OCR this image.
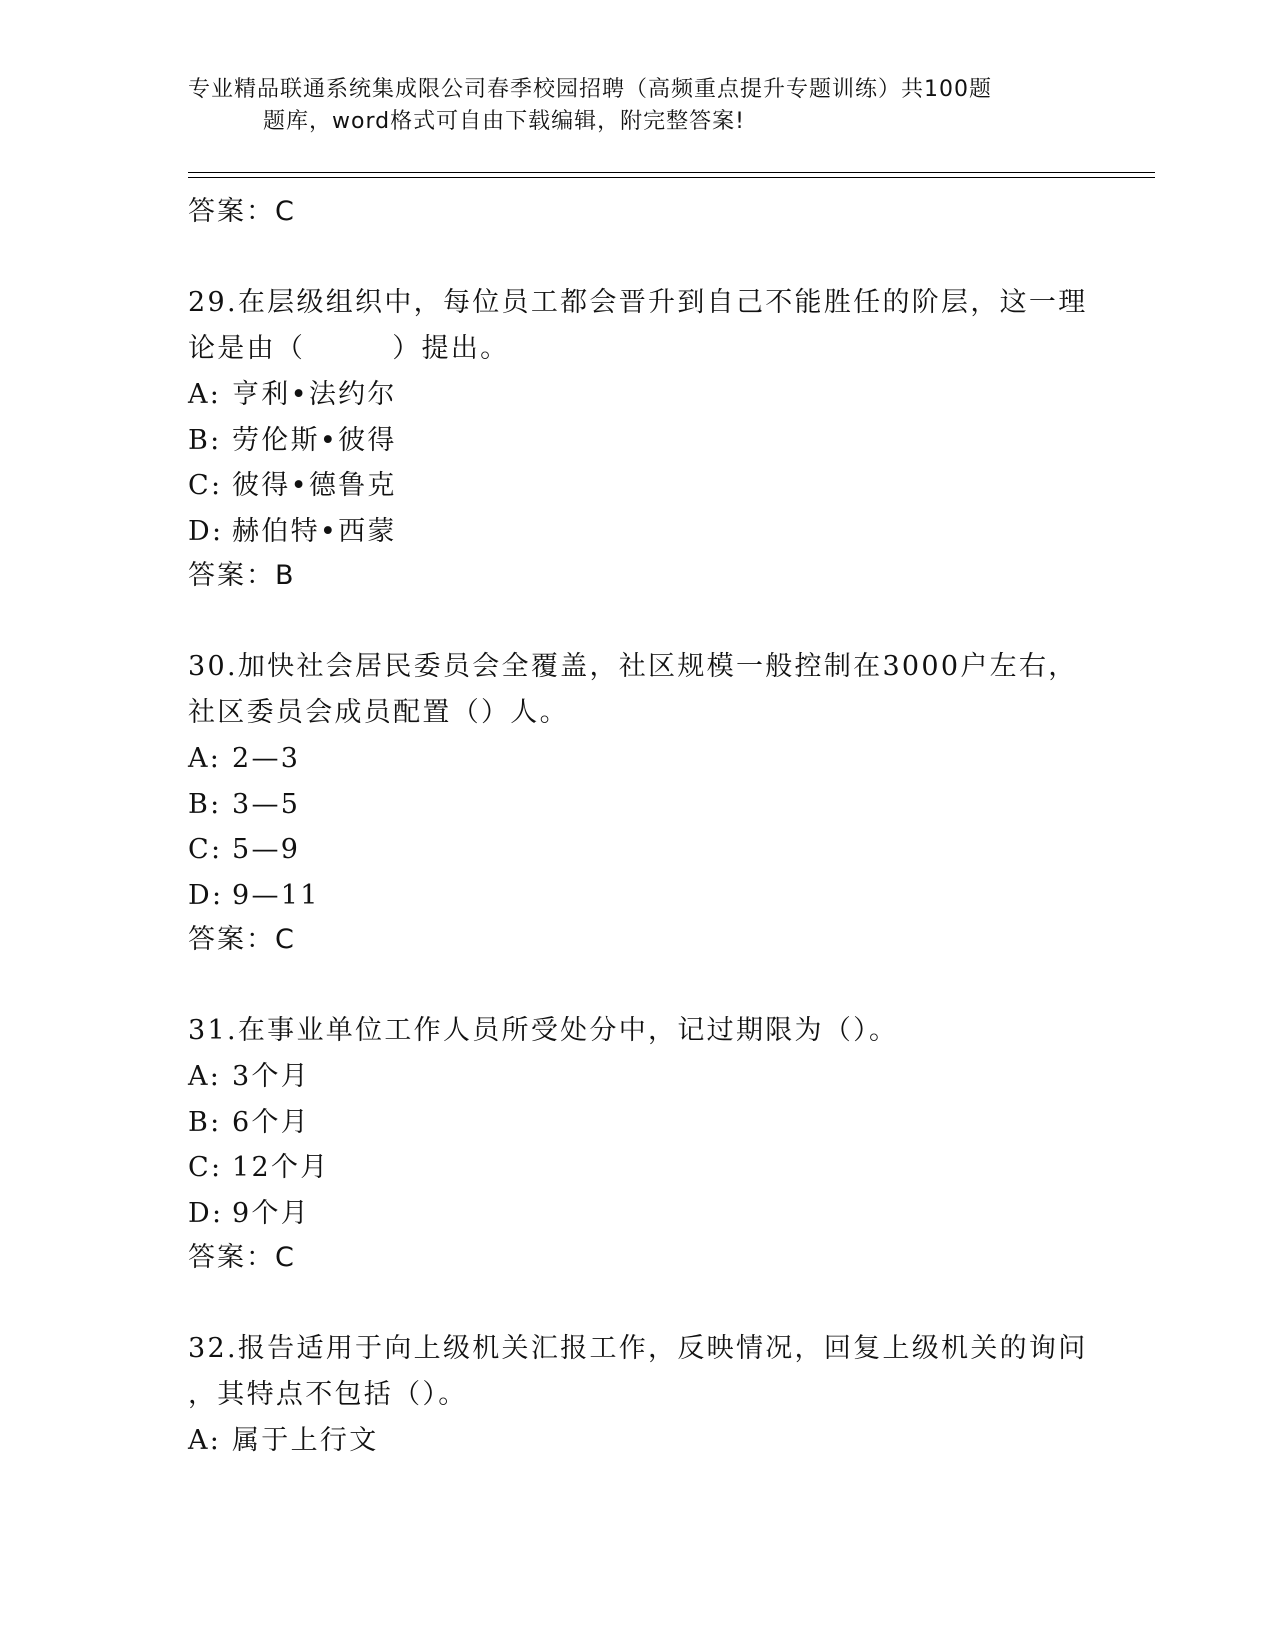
专业精品联通系统集成限公司春季校园招聘（高频重点提升专题训练）共100题
题库，word格式可自由下载编辑，附完整答案!
答案：C
29.在层级组织中，每位员工都会晋升到自己不能胜任的阶层，这一理
论是由（        ）提出。
A: 亨利•法约尔
B: 劳伦斯•彼得
C: 彼得•德鲁克
D: 赫伯特•西蒙
答案：B
30.加快社会居民委员会全覆盖，社区规模一般控制在3000户左右，
社区委员会成员配置（）人。
A: 2—3
B: 3—5
C: 5—9
D: 9—11
答案：C
31.在事业单位工作人员所受处分中，记过期限为（）。
A: 3个月
B: 6个月
C: 12个月
D: 9个月
答案：C
32.报告适用于向上级机关汇报工作，反映情况，回复上级机关的询问
，其特点不包括（）。
A: 属于上行文
